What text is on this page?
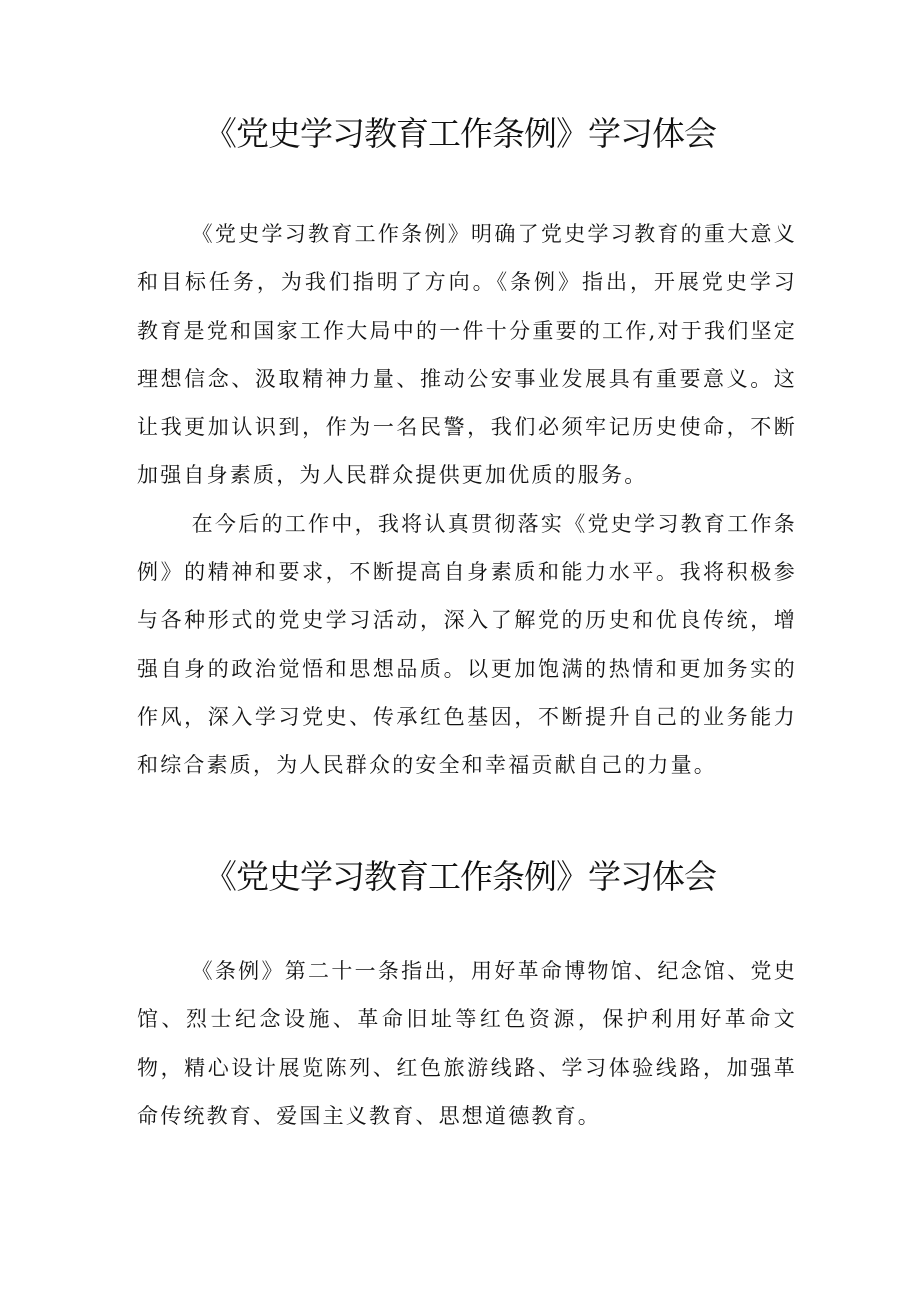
《党史学习教育工作条例》学习体会

《党史学习教育工作条例》明确了党史学习教育的重大意义和目标任务，为我们指明了方向。《条例》指出，开展党史学习教育是党和国家工作大局中的一件十分重要的工作,对于我们坚定理想信念、汲取精神力量、推动公安事业发展具有重要意义。这让我更加认识到，作为一名民警，我们必须牢记历史使命，不断加强自身素质，为人民群众提供更加优质的服务。

在今后的工作中，我将认真贯彻落实《党史学习教育工作条例》的精神和要求，不断提高自身素质和能力水平。我将积极参与各种形式的党史学习活动，深入了解党的历史和优良传统，增强自身的政治觉悟和思想品质。以更加饱满的热情和更加务实的作风，深入学习党史、传承红色基因，不断提升自己的业务能力和综合素质，为人民群众的安全和幸福贡献自己的力量。

《党史学习教育工作条例》学习体会

《条例》第二十一条指出，用好革命博物馆、纪念馆、党史馆、烈士纪念设施、革命旧址等红色资源，保护利用好革命文物，精心设计展览陈列、红色旅游线路、学习体验线路，加强革命传统教育、爱国主义教育、思想道德教育。
